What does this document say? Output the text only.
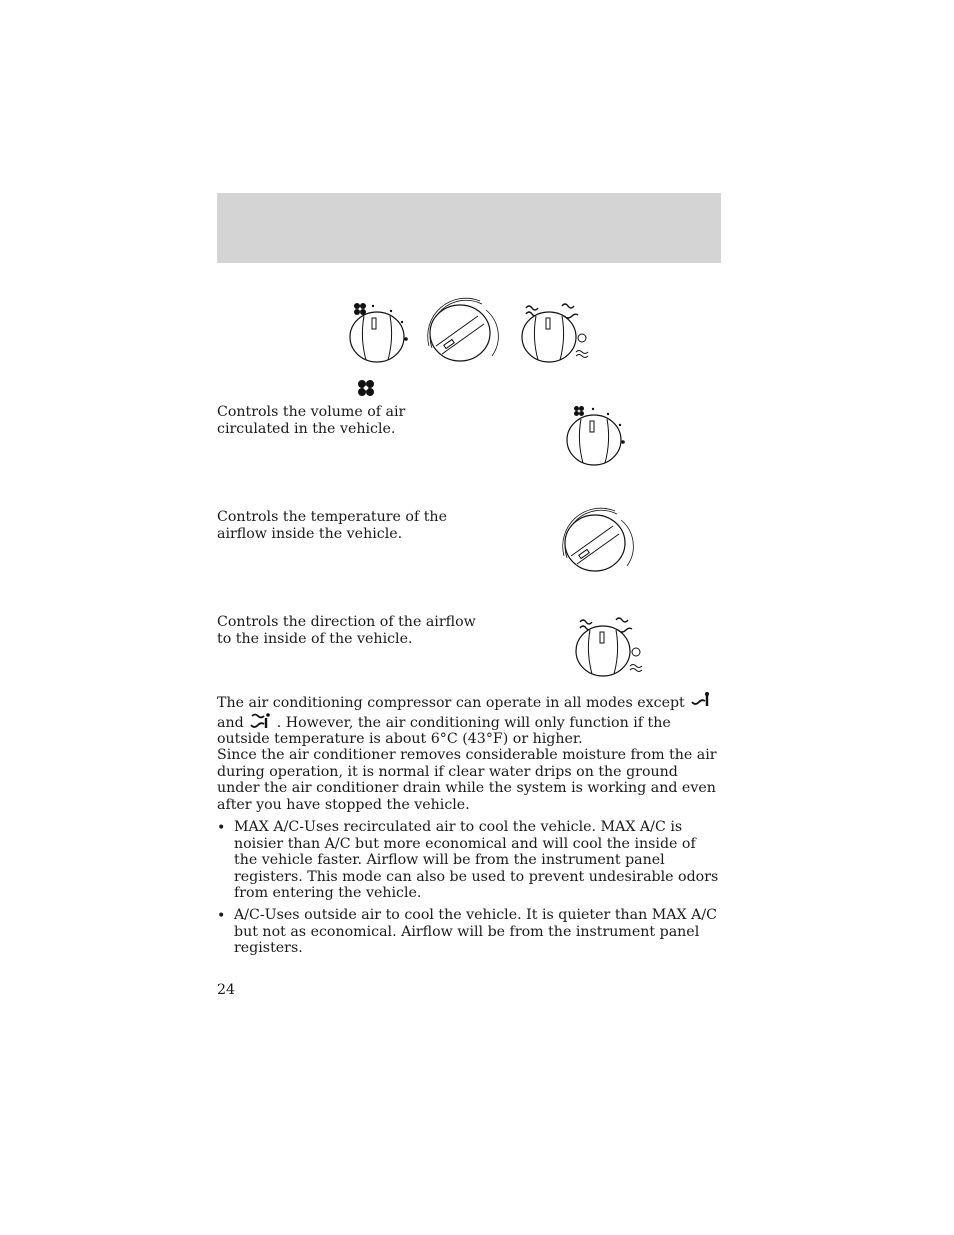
Controls the volume of air circulated in the vehicle.
Controls the temperature of the airflow inside the vehicle.
Controls the direction of the airflow to the inside of the vehicle.
The air conditioning compressor can operate in all modes except
and . However, the air conditioning will only function if the outside temperature is about 6°C (43°F) or higher.
Since the air conditioner removes considerable moisture from the air during operation, it is normal if clear water drips on the ground under the air conditioner drain while the system is working and even after you have stopped the vehicle.
• MAX A/C-Uses recirculated air to cool the vehicle. MAX A/C is noisier than A/C but more economical and will cool the inside of the vehicle faster. Airflow will be from the instrument panel registers. This mode can also be used to prevent undesirable odors from entering the vehicle.
• A/C-Uses outside air to cool the vehicle. It is quieter than MAX A/C but not as economical. Airflow will be from the instrument panel registers.
24
